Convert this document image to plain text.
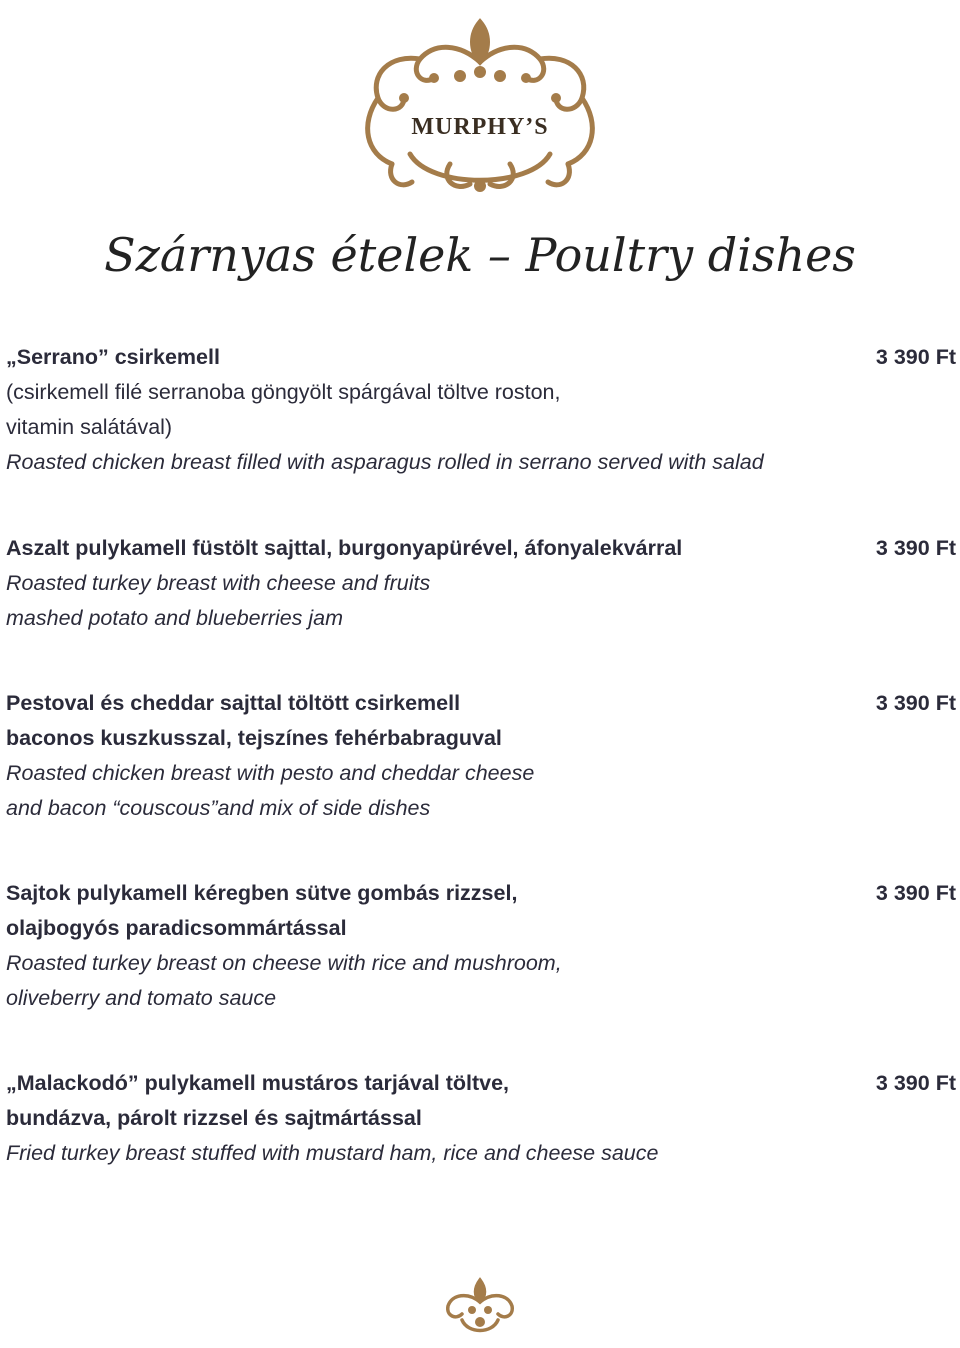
MURPHY’S
Szárnyas ételek – Poultry dishes
„Serrano” csirkemell
(csirkemell filé serranoba göngyölt spárgával töltve roston,
vitamin salátával)
Roasted chicken breast filled with asparagus rolled in serrano served with salad
3 390 Ft
Aszalt pulykamell füstölt sajttal, burgonyapürével, áfonyalekvárral
Roasted turkey breast with cheese and fruits
mashed potato and blueberries jam
3 390 Ft
Pestoval és cheddar sajttal töltött csirkemell
baconos kuszkusszal, tejszínes fehérbabraguval
Roasted chicken breast with pesto and cheddar cheese
and bacon “couscous”and mix of side dishes
3 390 Ft
Sajtok pulykamell kéregben sütve gombás rizzsel,
olajbogyós paradicsommártással
Roasted turkey breast on cheese with rice and mushroom,
oliveberry and tomato sauce
3 390 Ft
„Malackodó” pulykamell mustáros tarjával töltve,
bundázva, párolt rizzsel és sajtmártással
Fried turkey breast stuffed with mustard ham, rice and cheese sauce
3 390 Ft
